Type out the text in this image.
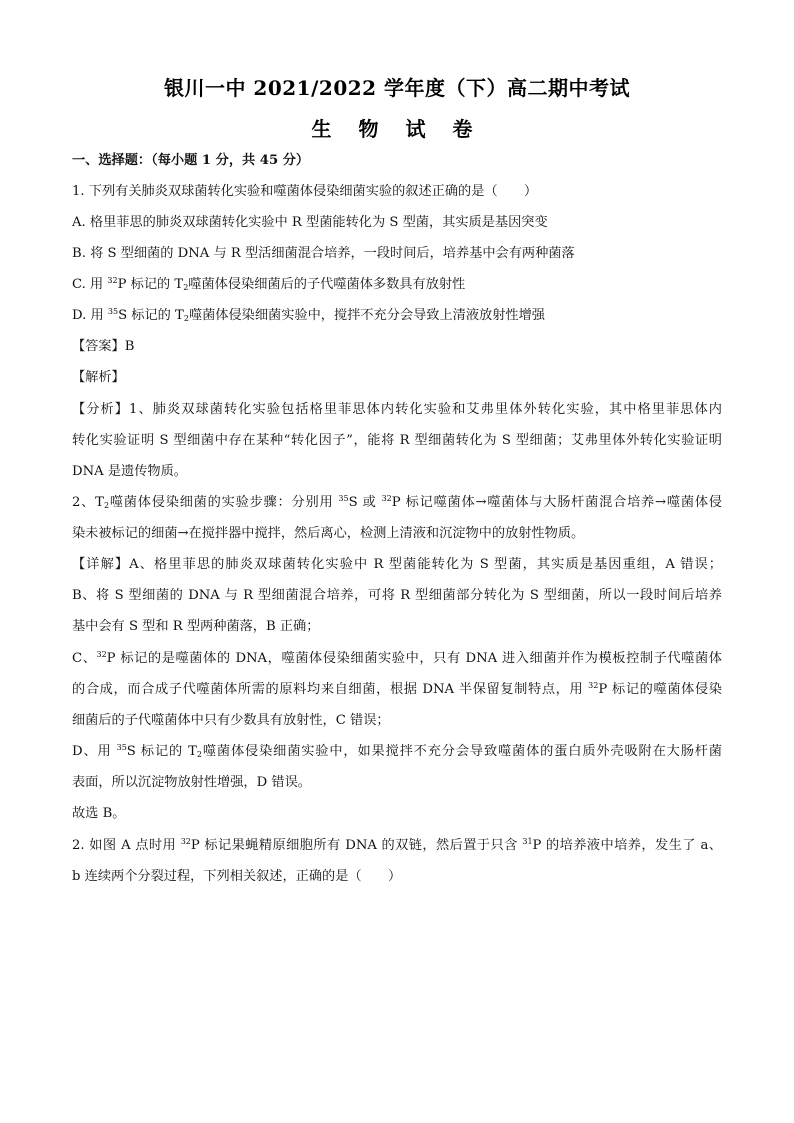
银川一中 2021/2022 学年度（下）高二期中考试
生 物 试 卷
一、选择题：（每小题 1 分，共 45 分）
1. 下列有关肺炎双球菌转化实验和噬菌体侵染细菌实验的叙述正确的是（　　）
A. 格里菲思的肺炎双球菌转化实验中 R 型菌能转化为 S 型菌，其实质是基因突变
B. 将 S 型细菌的 DNA 与 R 型活细菌混合培养，一段时间后，培养基中会有两种菌落
C. 用 $^{32}$P 标记的 $T_2$噬菌体侵染细菌后的子代噬菌体多数具有放射性
D. 用 $^{35}$S 标记的 $T_2$噬菌体侵染细菌实验中，搅拌不充分会导致上清液放射性增强
【答案】B
【解析】
【分析】1、肺炎双球菌转化实验包括格里菲思体内转化实验和艾弗里体外转化实验，其中格里菲思体内
转化实验证明 S 型细菌中存在某种“转化因子”，能将 R 型细菌转化为 S 型细菌；艾弗里体外转化实验证明
DNA 是遗传物质。
2、$T_2$噬菌体侵染细菌的实验步骤：分别用 $^{35}$S 或 $^{32}$P 标记噬菌体→噬菌体与大肠杆菌混合培养→噬菌体侵
染未被标记的细菌→在搅拌器中搅拌，然后离心，检测上清液和沉淀物中的放射性物质。
【详解】A、格里菲思的肺炎双球菌转化实验中 R 型菌能转化为 S 型菌，其实质是基因重组，A 错误；
B、将 S 型细菌的 DNA 与 R 型细菌混合培养，可将 R 型细菌部分转化为 S 型细菌，所以一段时间后培养
基中会有 S 型和 R 型两种菌落，B 正确；
C、$^{32}$P 标记的是噬菌体的 DNA，噬菌体侵染细菌实验中，只有 DNA 进入细菌并作为模板控制子代噬菌体
的合成，而合成子代噬菌体所需的原料均来自细菌，根据 DNA 半保留复制特点，用 $^{32}$P 标记的噬菌体侵染
细菌后的子代噬菌体中只有少数具有放射性，C 错误；
D、用 $^{35}$S 标记的 $T_2$噬菌体侵染细菌实验中，如果搅拌不充分会导致噬菌体的蛋白质外壳吸附在大肠杆菌
表面，所以沉淀物放射性增强，D 错误。
故选 B。
2. 如图 A 点时用 $^{32}$P 标记果蝇精原细胞所有 DNA 的双链，然后置于只含 $^{31}$P 的培养液中培养，发生了 a、
b 连续两个分裂过程，下列相关叙述，正确的是（　　）
